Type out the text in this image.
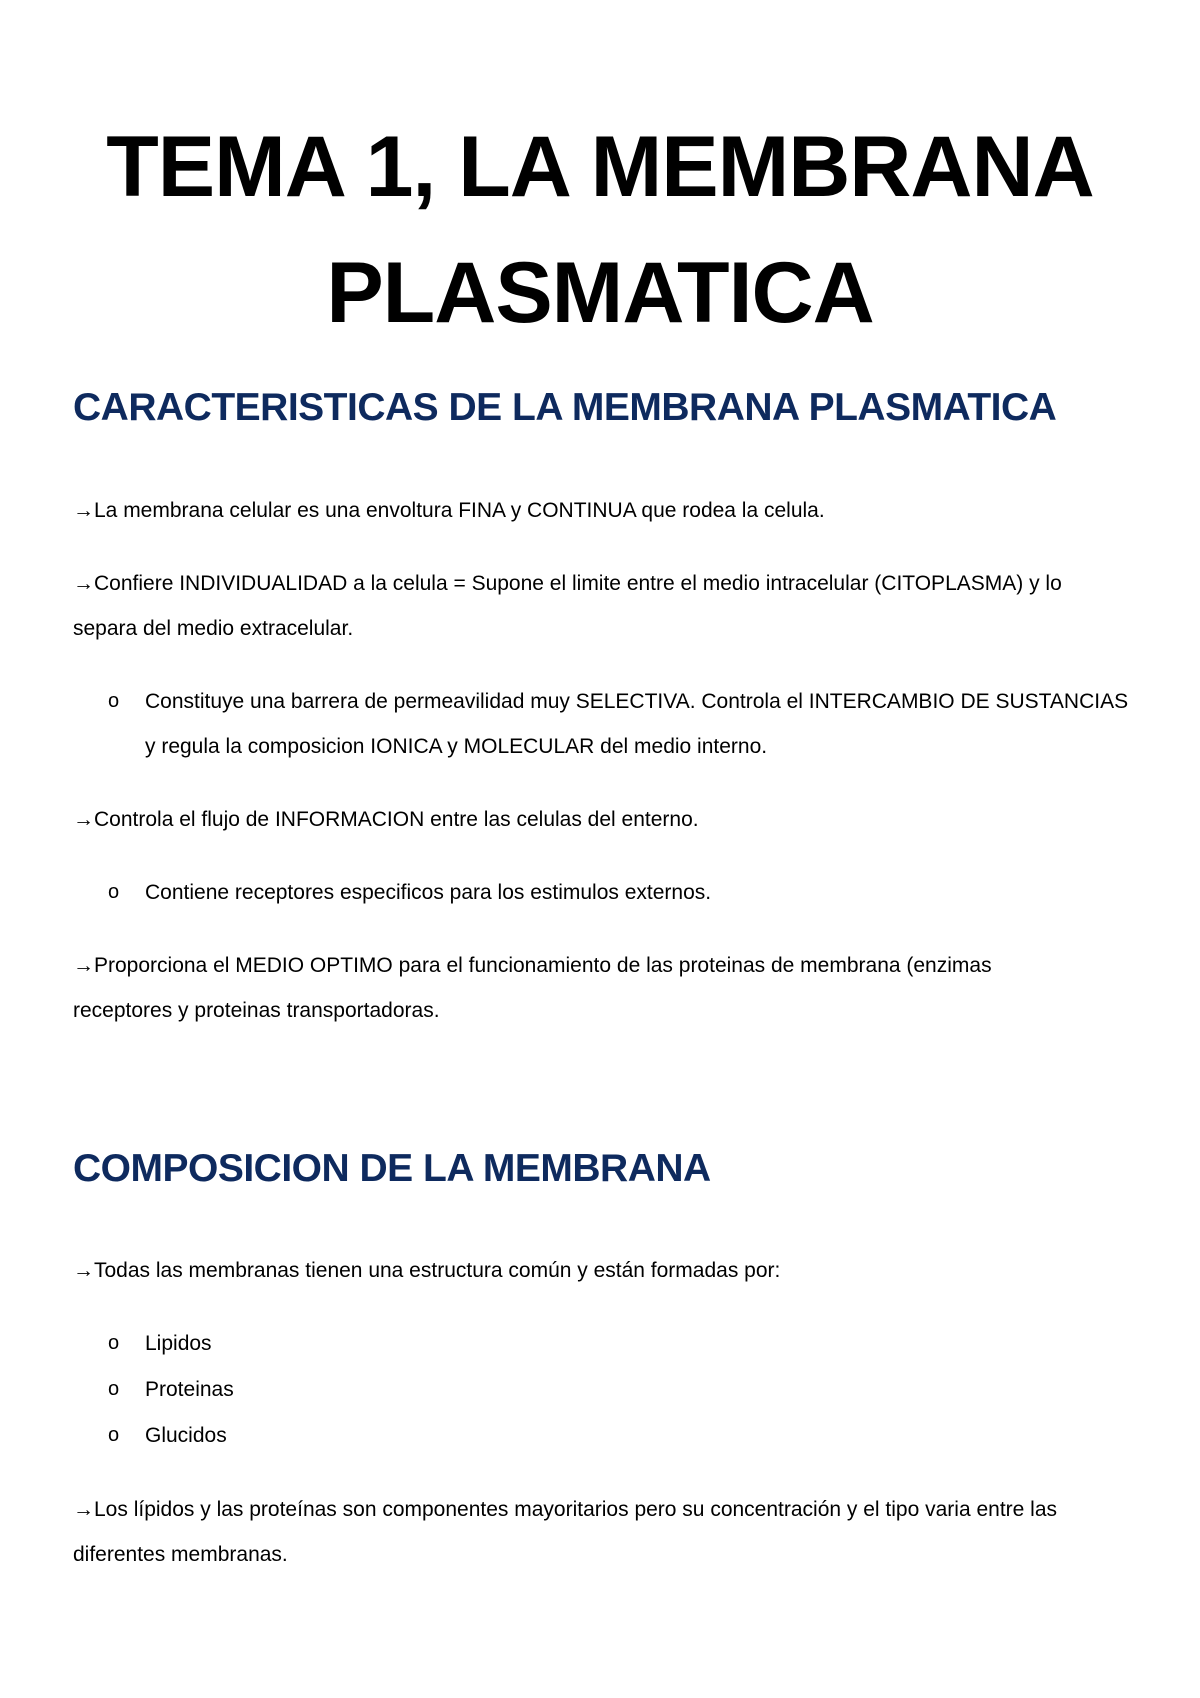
TEMA 1, LA MEMBRANA
PLASMATICA
CARACTERISTICAS DE LA MEMBRANA PLASMATICA

→La membrana celular es una envoltura FINA y CONTINUA que rodea la celula.

→Confiere INDIVIDUALIDAD a la celula = Supone el limite entre el medio intracelular (CITOPLASMA) y lo
separa del medio extracelular.

o	Constituye una barrera de permeavilidad muy SELECTIVA. Controla el INTERCAMBIO DE SUSTANCIAS
y regula la composicion IONICA y MOLECULAR del medio interno.

→Controla el flujo de INFORMACION entre las celulas del enterno.

o	Contiene receptores especificos para los estimulos externos.

→Proporciona el MEDIO OPTIMO para el funcionamiento de las proteinas de membrana (enzimas
receptores y proteinas transportadoras.

COMPOSICION DE LA MEMBRANA

→Todas las membranas tienen una estructura común y están formadas por:

o	Lipidos

o	Proteinas

o	Glucidos

→Los lípidos y las proteínas son componentes mayoritarios pero su concentración y el tipo varia entre las
diferentes membranas.
